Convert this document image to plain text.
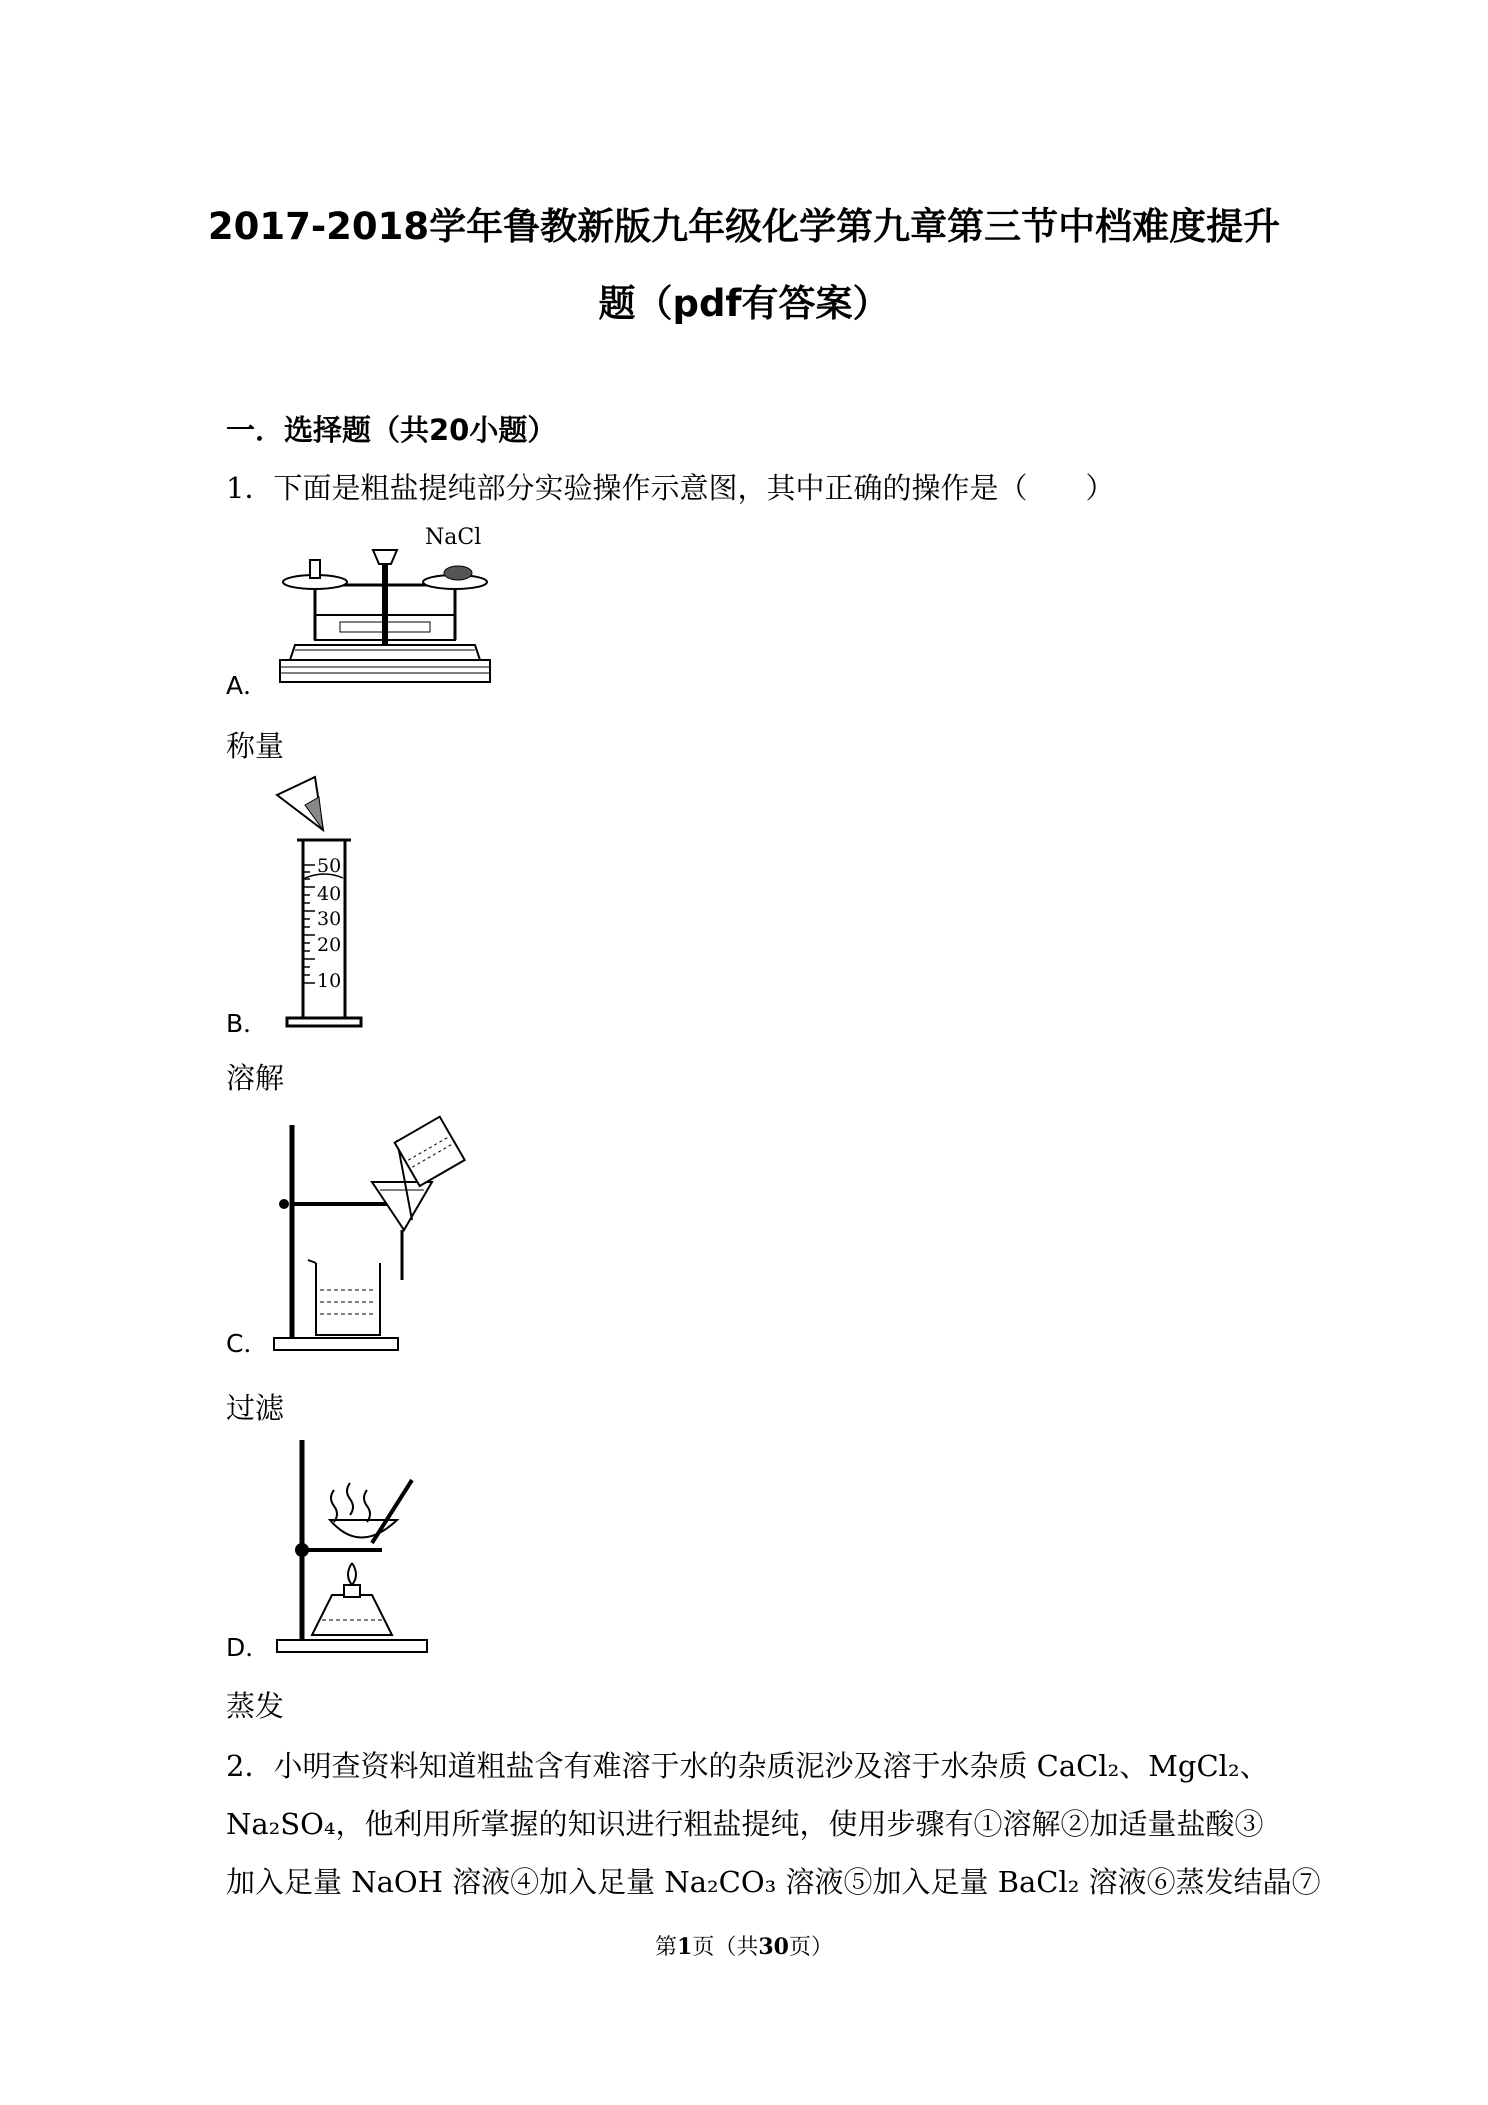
2017-2018学年鲁教新版九年级化学第九章第三节中档难度提升
题（pdf有答案）
一．选择题（共20小题）
1．下面是粗盐提纯部分实验操作示意图，其中正确的操作是（　　）
NaCl
A．
称量
50
40
30
20
10
B．
溶解
C．
过滤
D．
蒸发
2．小明查资料知道粗盐含有难溶于水的杂质泥沙及溶于水杂质 CaCl₂、MgCl₂、
Na₂SO₄，他利用所掌握的知识进行粗盐提纯，使用步骤有①溶解②加适量盐酸③
加入足量 NaOH 溶液④加入足量 Na₂CO₃ 溶液⑤加入足量 BaCl₂ 溶液⑥蒸发结晶⑦
第1页（共30页）
